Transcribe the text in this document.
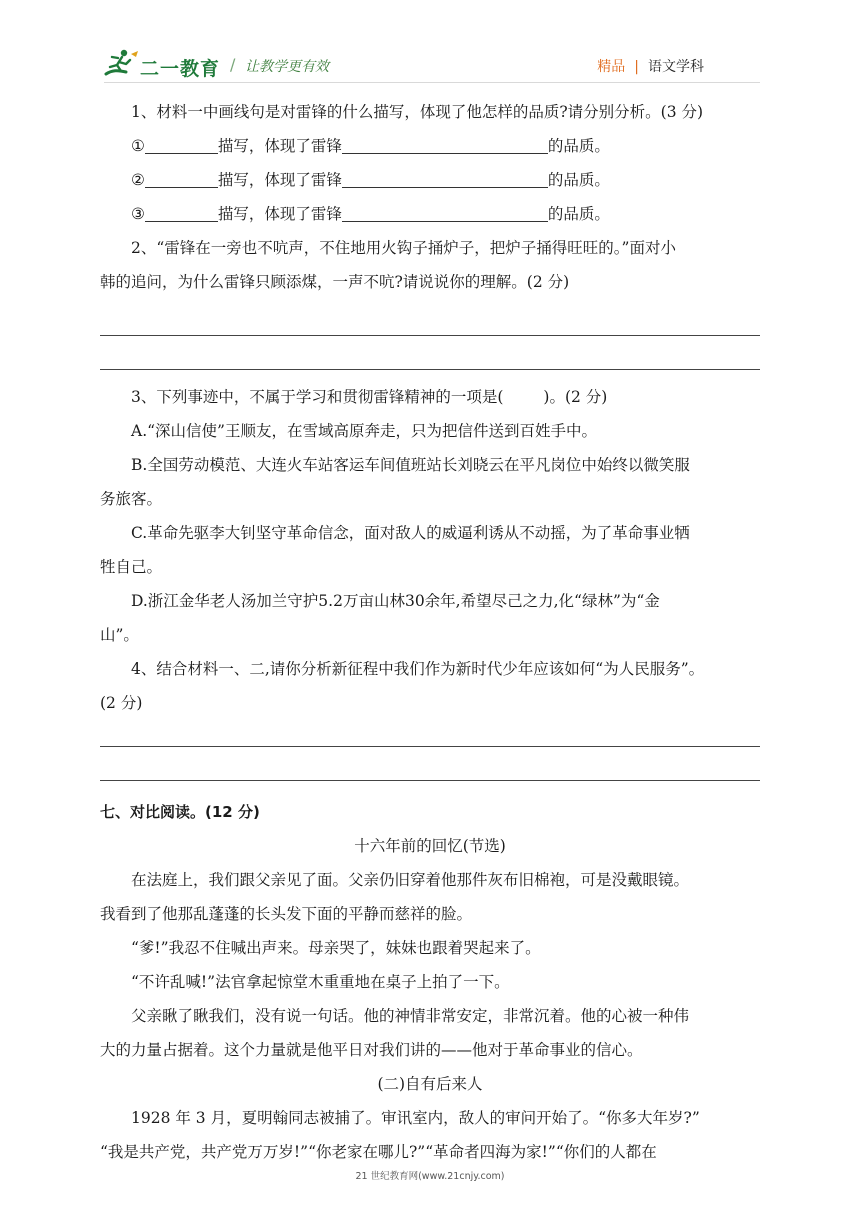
二一教育 / 让教学更有效	精品 | 语文学科
1、材料一中画线句是对雷锋的什么描写，体现了他怎样的品质?请分别分析。(3 分)
①	描写，体现了雷锋	的品质。
②	描写，体现了雷锋	的品质。
③	描写，体现了雷锋	的品质。
2、“雷锋在一旁也不吭声，不住地用火钩子捅炉子，把炉子捅得旺旺的。”面对小
韩的追问，为什么雷锋只顾添煤，一声不吭?请说说你的理解。(2 分)
3、下列事迹中，不属于学习和贯彻雷锋精神的一项是(	)。(2 分)
A.“深山信使”王顺友，在雪域高原奔走，只为把信件送到百姓手中。
B.全国劳动模范、大连火车站客运车间值班站长刘晓云在平凡岗位中始终以微笑服
务旅客。
C.革命先驱李大钊坚守革命信念，面对敌人的威逼利诱从不动摇，为了革命事业牺
牲自己。
D.浙江金华老人汤加兰守护5.2万亩山林30余年,希望尽己之力,化“绿林”为“金
山”。
4、结合材料一、二,请你分析新征程中我们作为新时代少年应该如何“为人民服务”。
(2 分)
七、对比阅读。(12 分)
十六年前的回忆(节选)
在法庭上，我们跟父亲见了面。父亲仍旧穿着他那件灰布旧棉袍，可是没戴眼镜。
我看到了他那乱蓬蓬的长头发下面的平静而慈祥的脸。
“爹!”我忍不住喊出声来。母亲哭了，妹妹也跟着哭起来了。
“不许乱喊!”法官拿起惊堂木重重地在桌子上拍了一下。
父亲瞅了瞅我们，没有说一句话。他的神情非常安定，非常沉着。他的心被一种伟
大的力量占据着。这个力量就是他平日对我们讲的——他对于革命事业的信心。
(二)自有后来人
1928 年 3 月，夏明翰同志被捕了。审讯室内，敌人的审问开始了。“你多大年岁?”
“我是共产党，共产党万万岁!”“你老家在哪儿?”“革命者四海为家!”“你们的人都在
21 世纪教育网(www.21cnjy.com)
